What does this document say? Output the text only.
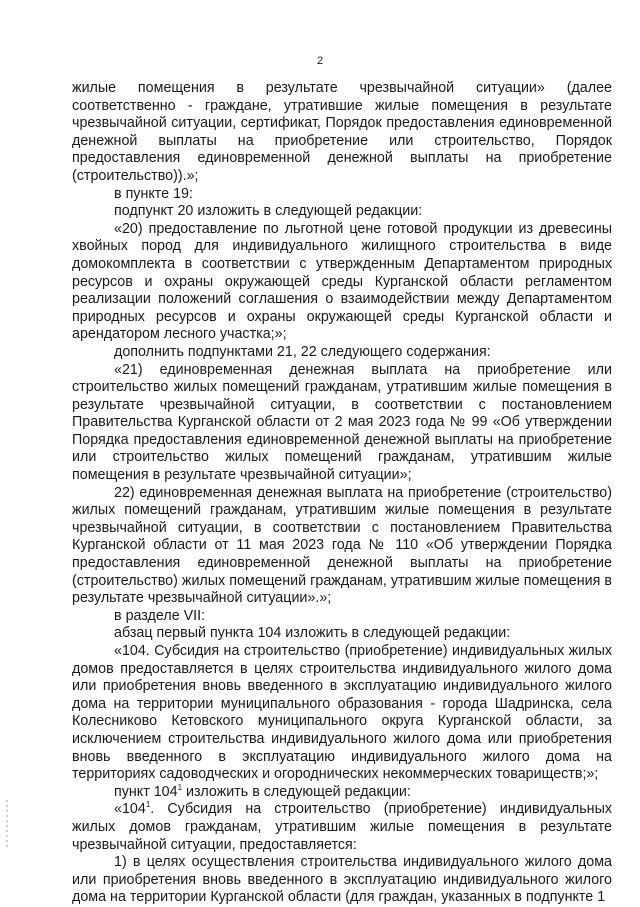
2

жилые помещения в результате чрезвычайной ситуации» (далее соответственно - граждане, утратившие жилые помещения в результате чрезвычайной ситуации, сертификат, Порядок предоставления единовременной денежной выплаты на приобретение или строительство, Порядок предоставления единовременной денежной выплаты на приобретение (строительство)).»;

в пункте 19:

подпункт 20 изложить в следующей редакции:

«20) предоставление по льготной цене готовой продукции из древесины хвойных пород для индивидуального жилищного строительства в виде домокомплекта в соответствии с утвержденным Департаментом природных ресурсов и охраны окружающей среды Курганской области регламентом реализации положений соглашения о взаимодействии между Департаментом природных ресурсов и охраны окружающей среды Курганской области и арендатором лесного участка;»;

дополнить подпунктами 21, 22 следующего содержания:

«21) единовременная денежная выплата на приобретение или строительство жилых помещений гражданам, утратившим жилые помещения в результате чрезвычайной ситуации, в соответствии с постановлением Правительства Курганской области от 2 мая 2023 года № 99 «Об утверждении Порядка предоставления единовременной денежной выплаты на приобретение или строительство жилых помещений гражданам, утратившим жилые помещения в результате чрезвычайной ситуации»;

22) единовременная денежная выплата на приобретение (строительство) жилых помещений гражданам, утратившим жилые помещения в результате чрезвычайной ситуации, в соответствии с постановлением Правительства Курганской области от 11 мая 2023 года № 110 «Об утверждении Порядка предоставления единовременной денежной выплаты на приобретение (строительство) жилых помещений гражданам, утратившим жилые помещения в результате чрезвычайной ситуации».»;

в разделе VII:

абзац первый пункта 104 изложить в следующей редакции:

«104. Субсидия на строительство (приобретение) индивидуальных жилых домов предоставляется в целях строительства индивидуального жилого дома или приобретения вновь введенного в эксплуатацию индивидуального жилого дома на территории муниципального образования - города Шадринска, села Колесниково Кетовского муниципального округа Курганской области, за исключением строительства индивидуального жилого дома или приобретения вновь введенного в эксплуатацию индивидуального жилого дома на территориях садоводческих и огороднических некоммерческих товариществ;»;

пункт $104^1$ изложить в следующей редакции:

«$104^1$. Субсидия на строительство (приобретение) индивидуальных жилых домов гражданам, утратившим жилые помещения в результате чрезвычайной ситуации, предоставляется:

1) в целях осуществления строительства индивидуального жилого дома или приобретения вновь введенного в эксплуатацию индивидуального жилого дома на территории Курганской области (для граждан, указанных в подпункте 1
